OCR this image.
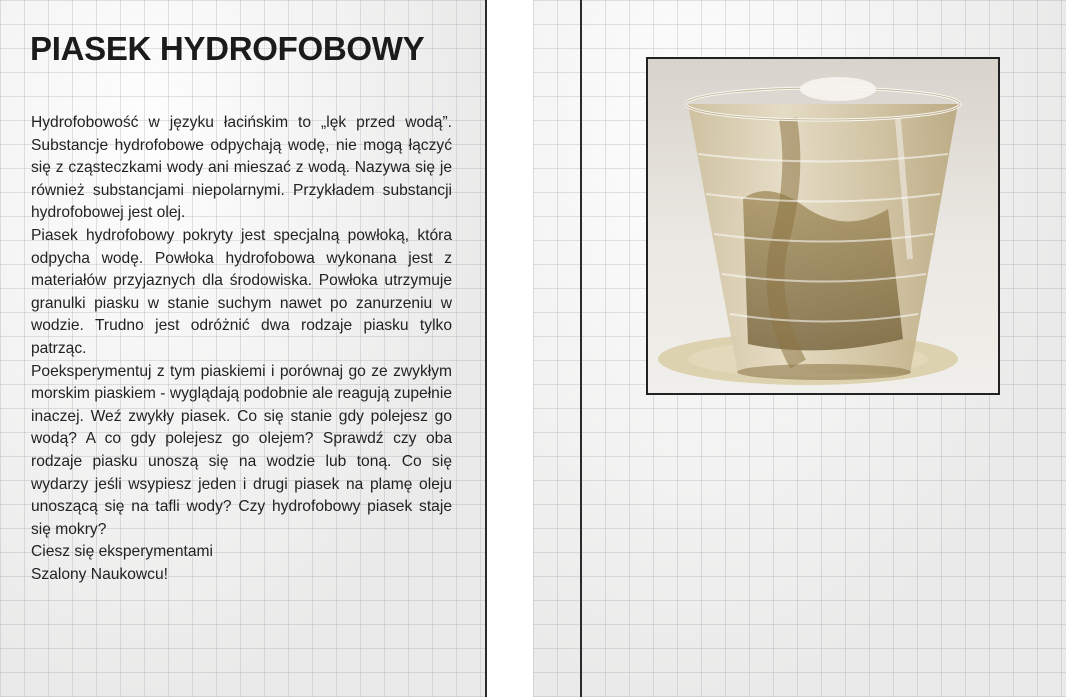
PIASEK HYDROFOBOWY

Hydrofobowość w języku łacińskim to „lęk przed wodą”. Substancje hydrofobowe odpychają wodę, nie mogą łączyć się z cząsteczkami wody ani mieszać z wodą. Nazywa się je również substancjami niepolarnymi. Przykładem substancji hydrofobowej jest olej.

Piasek hydrofobowy pokryty jest specjalną powłoką, która odpycha wodę. Powłoka hydrofobowa wykonana jest z materiałów przyjaznych dla środowiska. Powłoka utrzymuje granulki piasku w stanie suchym nawet po zanurzeniu w wodzie. Trudno jest odróżnić dwa rodzaje piasku tylko patrząc.

Poeksperymentuj z tym piaskiemi i porównaj go ze zwykłym morskim piaskiem - wyglądają podobnie ale reagują zupełnie inaczej. Weź zwykły piasek. Co się stanie gdy polejesz go wodą? A co gdy polejesz go olejem? Sprawdź czy oba rodzaje piasku unoszą się na wodzie lub toną. Co się wydarzy jeśli wsypiesz jeden i drugi piasek na plamę oleju unoszącą się na tafli wody? Czy hydrofobowy piasek staje się mokry?

Ciesz się eksperymentami

Szalony Naukowcu!
